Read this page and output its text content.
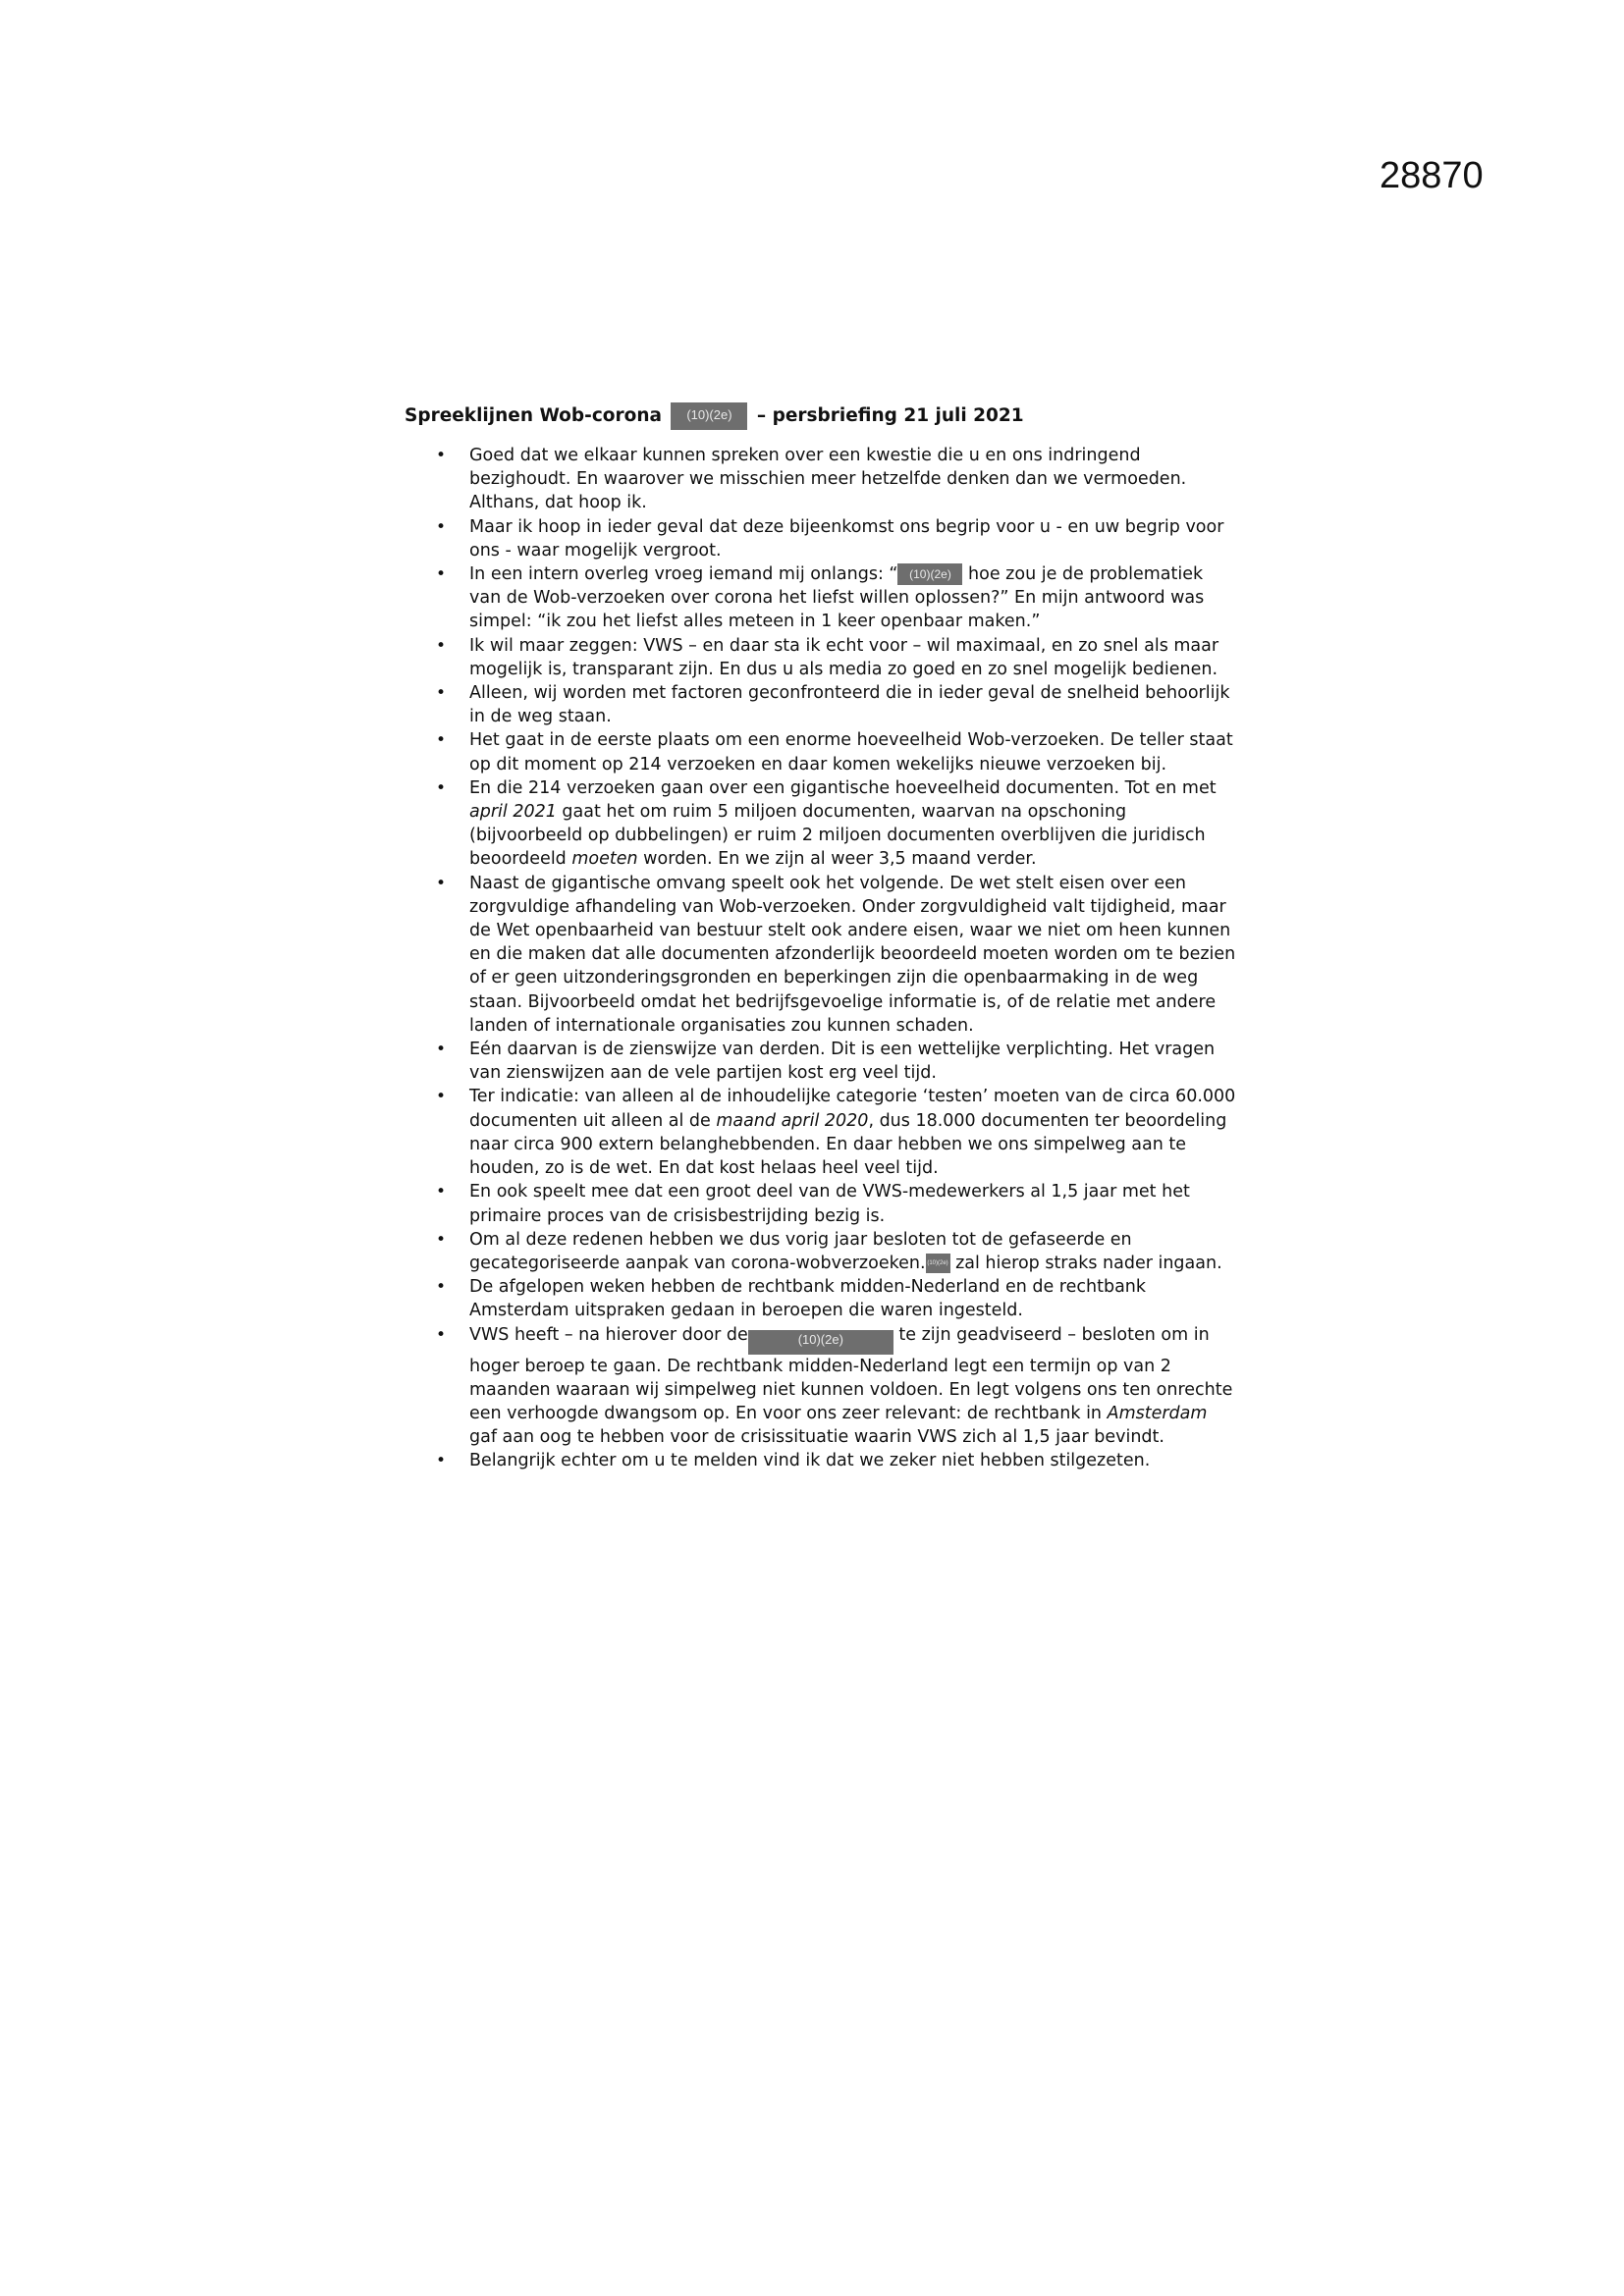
28870
Spreeklijnen Wob-corona (10)(2e) – persbriefing 21 juli 2021
• Goed dat we elkaar kunnen spreken over een kwestie die u en ons indringend bezighoudt. En waarover we misschien meer hetzelfde denken dan we vermoeden. Althans, dat hoop ik.
• Maar ik hoop in ieder geval dat deze bijeenkomst ons begrip voor u - en uw begrip voor ons - waar mogelijk vergroot.
• In een intern overleg vroeg iemand mij onlangs: “ (10)(2e) hoe zou je de problematiek van de Wob-verzoeken over corona het liefst willen oplossen?” En mijn antwoord was simpel: “ik zou het liefst alles meteen in 1 keer openbaar maken.”
• Ik wil maar zeggen: VWS – en daar sta ik echt voor – wil maximaal, en zo snel als maar mogelijk is, transparant zijn. En dus u als media zo goed en zo snel mogelijk bedienen.
• Alleen, wij worden met factoren geconfronteerd die in ieder geval de snelheid behoorlijk in de weg staan.
• Het gaat in de eerste plaats om een enorme hoeveelheid Wob-verzoeken. De teller staat op dit moment op 214 verzoeken en daar komen wekelijks nieuwe verzoeken bij.
• En die 214 verzoeken gaan over een gigantische hoeveelheid documenten. Tot en met april 2021 gaat het om ruim 5 miljoen documenten, waarvan na opschoning (bijvoorbeeld op dubbelingen) er ruim 2 miljoen documenten overblijven die juridisch beoordeeld moeten worden. En we zijn al weer 3,5 maand verder.
• Naast de gigantische omvang speelt ook het volgende. De wet stelt eisen over een zorgvuldige afhandeling van Wob-verzoeken. Onder zorgvuldigheid valt tijdigheid, maar de Wet openbaarheid van bestuur stelt ook andere eisen, waar we niet om heen kunnen en die maken dat alle documenten afzonderlijk beoordeeld moeten worden om te bezien of er geen uitzonderingsgronden en beperkingen zijn die openbaarmaking in de weg staan. Bijvoorbeeld omdat het bedrijfsgevoelige informatie is, of de relatie met andere landen of internationale organisaties zou kunnen schaden.
• Eén daarvan is de zienswijze van derden. Dit is een wettelijke verplichting. Het vragen van zienswijzen aan de vele partijen kost erg veel tijd.
• Ter indicatie: van alleen al de inhoudelijke categorie ‘testen’ moeten van de circa 60.000 documenten uit alleen al de maand april 2020, dus 18.000 documenten ter beoordeling naar circa 900 extern belanghebbenden. En daar hebben we ons simpelweg aan te houden, zo is de wet. En dat kost helaas heel veel tijd.
• En ook speelt mee dat een groot deel van de VWS-medewerkers al 1,5 jaar met het primaire proces van de crisisbestrijding bezig is.
• Om al deze redenen hebben we dus vorig jaar besloten tot de gefaseerde en gecategoriseerde aanpak van corona-wobverzoeken. (10)(2e) zal hierop straks nader ingaan.
• De afgelopen weken hebben de rechtbank midden-Nederland en de rechtbank Amsterdam uitspraken gedaan in beroepen die waren ingesteld.
• VWS heeft – na hierover door de	(10)(2e)	te zijn geadviseerd – besloten om in hoger beroep te gaan. De rechtbank midden-Nederland legt een termijn op van 2 maanden waaraan wij simpelweg niet kunnen voldoen. En legt volgens ons ten onrechte een verhoogde dwangsom op. En voor ons zeer relevant: de rechtbank in Amsterdam gaf aan oog te hebben voor de crisissituatie waarin VWS zich al 1,5 jaar bevindt.
• Belangrijk echter om u te melden vind ik dat we zeker niet hebben stilgezeten.
